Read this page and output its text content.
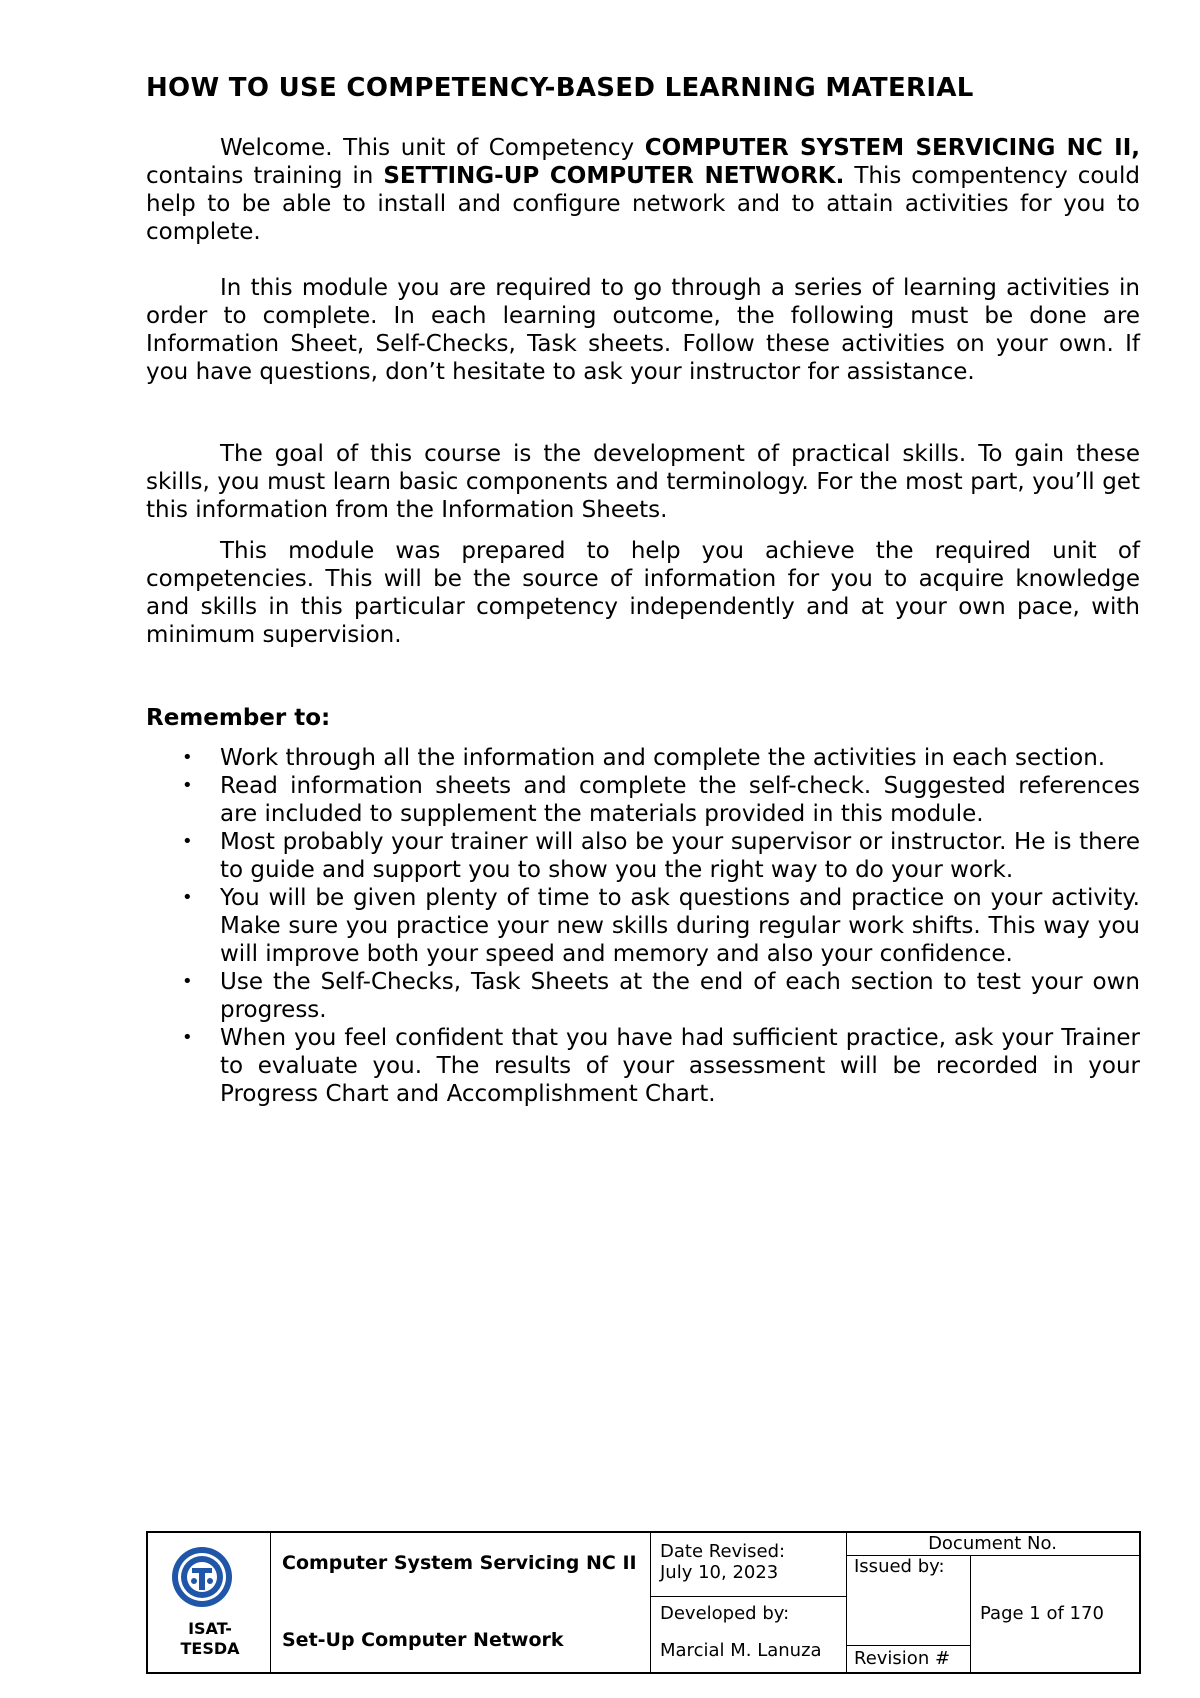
HOW TO USE COMPETENCY-BASED LEARNING MATERIAL
Welcome. This unit of Competency COMPUTER SYSTEM SERVICING NC II, contains training in SETTING-UP COMPUTER NETWORK. This compentency could help to be able to install and configure network and to attain activities for you to complete.
In this module you are required to go through a series of learning activities in order to complete. In each learning outcome, the following must be done are Information Sheet, Self-Checks, Task sheets. Follow these activities on your own. If you have questions, don’t hesitate to ask your instructor for assistance.
The goal of this course is the development of practical skills. To gain these skills, you must learn basic components and terminology. For the most part, you’ll get this information from the Information Sheets.
This module was prepared to help you achieve the required unit of competencies. This will be the source of information for you to acquire knowledge and skills in this particular competency independently and at your own pace, with minimum supervision.
Remember to:
• Work through all the information and complete the activities in each section.
• Read information sheets and complete the self-check. Suggested references are included to supplement the materials provided in this module.
• Most probably your trainer will also be your supervisor or instructor. He is there to guide and support you to show you the right way to do your work.
• You will be given plenty of time to ask questions and practice on your activity. Make sure you practice your new skills during regular work shifts. This way you will improve both your speed and memory and also your confidence.
• Use the Self-Checks, Task Sheets at the end of each section to test your own progress.
• When you feel confident that you have had sufficient practice, ask your Trainer to evaluate you. The results of your assessment will be recorded in your Progress Chart and Accomplishment Chart.
ISAT-
TESDA
Computer System Servicing NC II
Set-Up Computer Network
Date Revised:
July 10, 2023
Developed by:
Marcial M. Lanuza
Document No.
Issued by:
Revision #
Page 1 of 170
